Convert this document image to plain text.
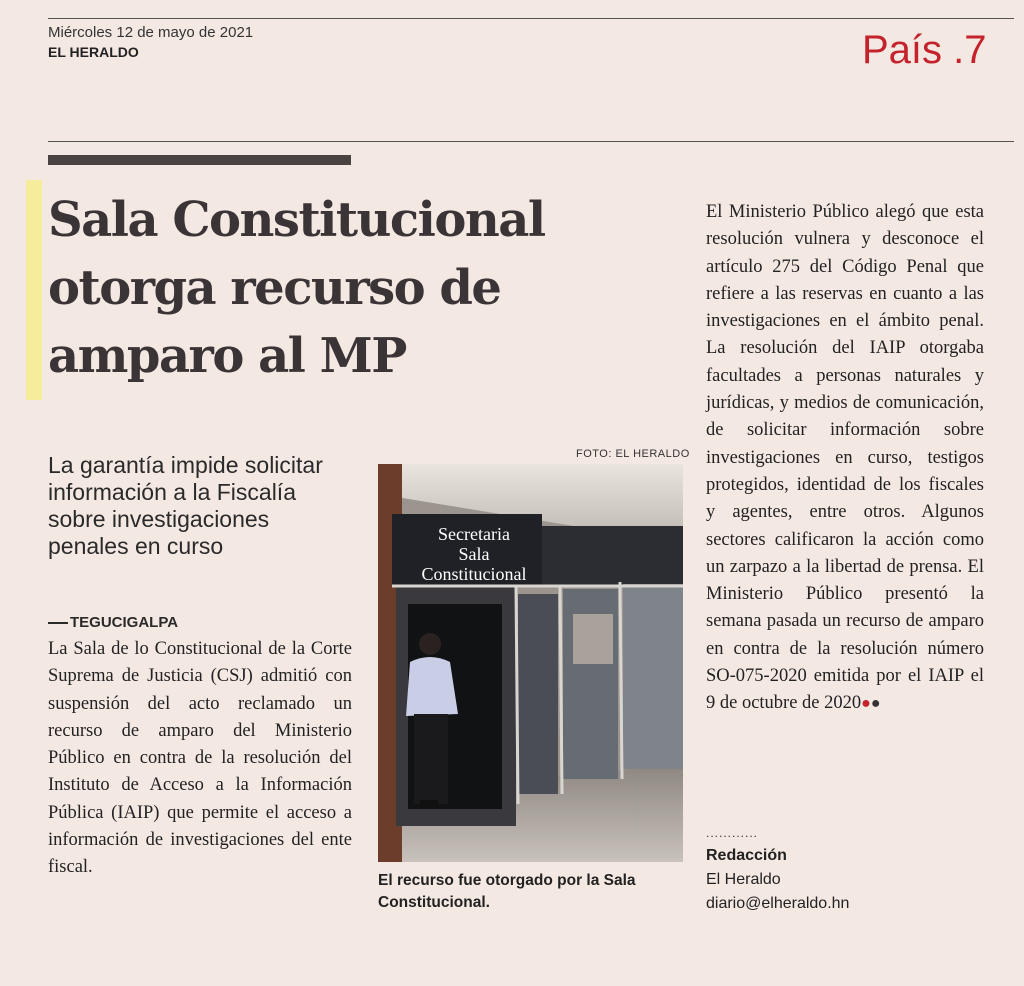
Miércoles 12 de mayo de 2021
EL HERALDO	País .7
Sala Constitucional
otorga recurso de
amparo al MP
La garantía impide solicitar información a la Fiscalía sobre investigaciones penales en curso
TEGUCIGALPA

La Sala de lo Constitucional de la Corte Suprema de Justicia (CSJ) admitió con suspensión del acto reclamado un recurso de amparo del Ministerio Público en contra de la resolución del Instituto de Acceso a la Información Pública (IAIP) que permite el acceso a información de investigaciones del ente fiscal.

FOTO: EL HERALDO
Secretaria
Sala
Constitucional
El recurso fue otorgado por la Sala Constitucional.

El Ministerio Público alegó que esta resolución vulnera y desconoce el artículo 275 del Código Penal que refiere a las reservas en cuanto a las investigaciones en el ámbito penal. La resolución del IAIP otorgaba facultades a personas naturales y jurídicas, y medios de comunicación, de solicitar información sobre investigaciones en curso, testigos protegidos, identidad de los fiscales y agentes, entre otros. Algunos sectores calificaron la acción como un zarpazo a la libertad de prensa. El Ministerio Público presentó la semana pasada un recurso de amparo en contra de la resolución número SO-075-2020 emitida por el IAIP el 9 de octubre de 2020●●

............
Redacción
El Heraldo
diario@elheraldo.hn
